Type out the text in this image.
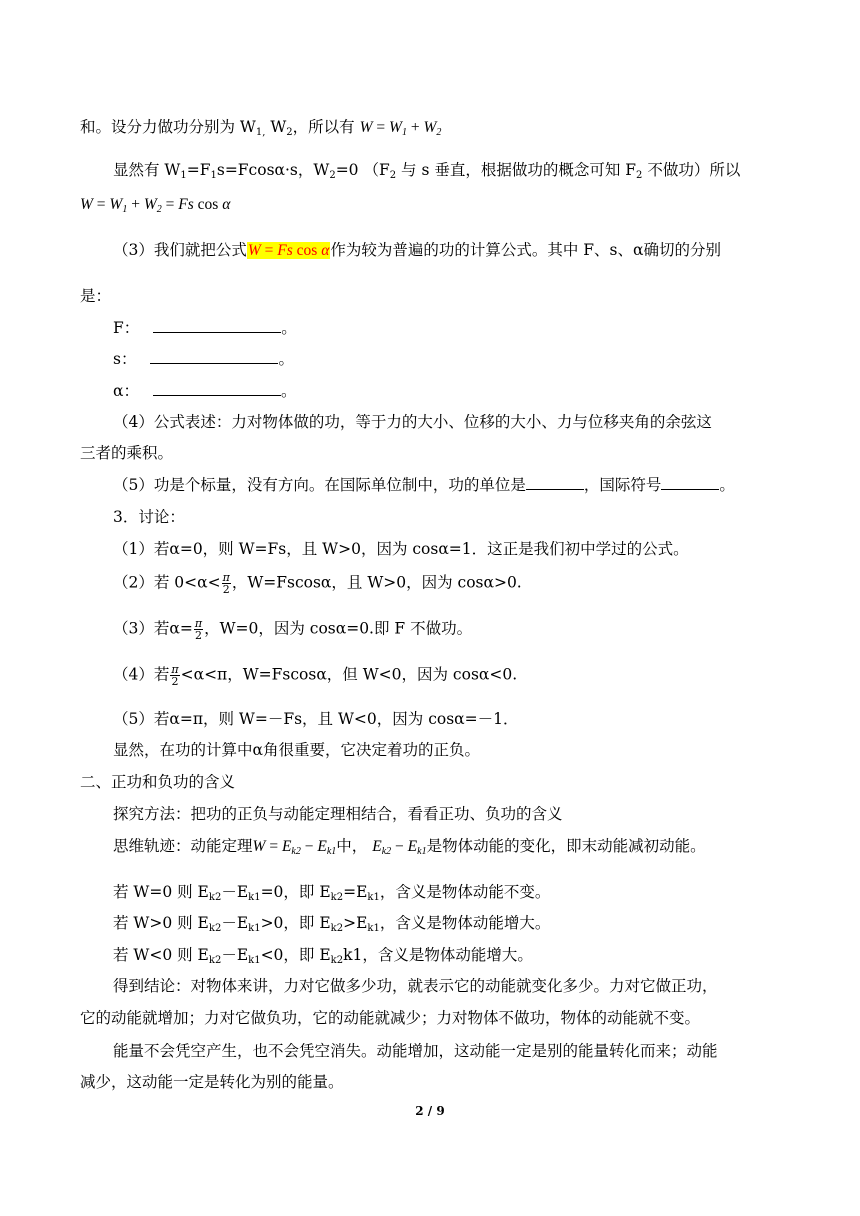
和。设分力做功分别为 $W_{1,}$ $W_2$，所以有 $W = W_1 + W_2$
显然有 $W_1=F_1s=Fcos\alpha\cdot s$，$W_2=0$ （$F_2$ 与 s 垂直，根据做功的概念可知 $F_2$ 不做功）所以
$W = W_1 + W_2 = Fs$ cos α
（3）我们就把公式W = Fs cos α作为较为普遍的功的计算公式。其中 F、s、α确切的分别
是：
F：	。
s：	。
α：	。
（4）公式表述：力对物体做的功，等于力的大小、位移的大小、力与位移夹角的余弦这
三者的乘积。
（5）功是个标量，没有方向。在国际单位制中，功的单位是	，国际符号	。
3．讨论：
（1）若α=0，则 W=Fs，且 W>0，因为 cosα=1．这正是我们初中学过的公式。
（2）若 $0<\alpha< \frac{\pi}{2}$ ，W=Fscosα，且 W>0，因为 cosα>0.
（3）若$\alpha= \frac{\pi}{2}$ ，W=0，因为 cosα=0.即 F 不做功。
（4）若 $\frac{\pi}{2} <\alpha<\pi$，W=Fscosα，但 W<0，因为 cosα<0.
（5）若α=π，则 W=－Fs，且 W<0，因为 cosα=－1．
显然，在功的计算中α角很重要，它决定着功的正负。
二、正功和负功的含义
探究方法：把功的正负与动能定理相结合，看看正功、负功的含义
思维轨迹：动能定理$W = E_{k2} - E_{k1}$中， $E_{k2} - E_{k1}$是物体动能的变化，即末动能减初动能。
若 W=0 则 $E_{k2}-E_{k1}=0$，即 $E_{k2}=E_{k1}$，含义是物体动能不变。
若 W>0 则 $E_{k2}-E_{k1}>0$，即 $E_{k2}>E_{k1}$，含义是物体动能增大。
若 W<0 则 $E_{k2}-E_{k1}<0$，即 $E_{k2}k1$，含义是物体动能增大。
得到结论：对物体来讲，力对它做多少功，就表示它的动能就变化多少。力对它做正功，
它的动能就增加；力对它做负功，它的动能就减少；力对物体不做功，物体的动能就不变。
能量不会凭空产生，也不会凭空消失。动能增加，这动能一定是别的能量转化而来；动能
减少，这动能一定是转化为别的能量。
2 / 9
